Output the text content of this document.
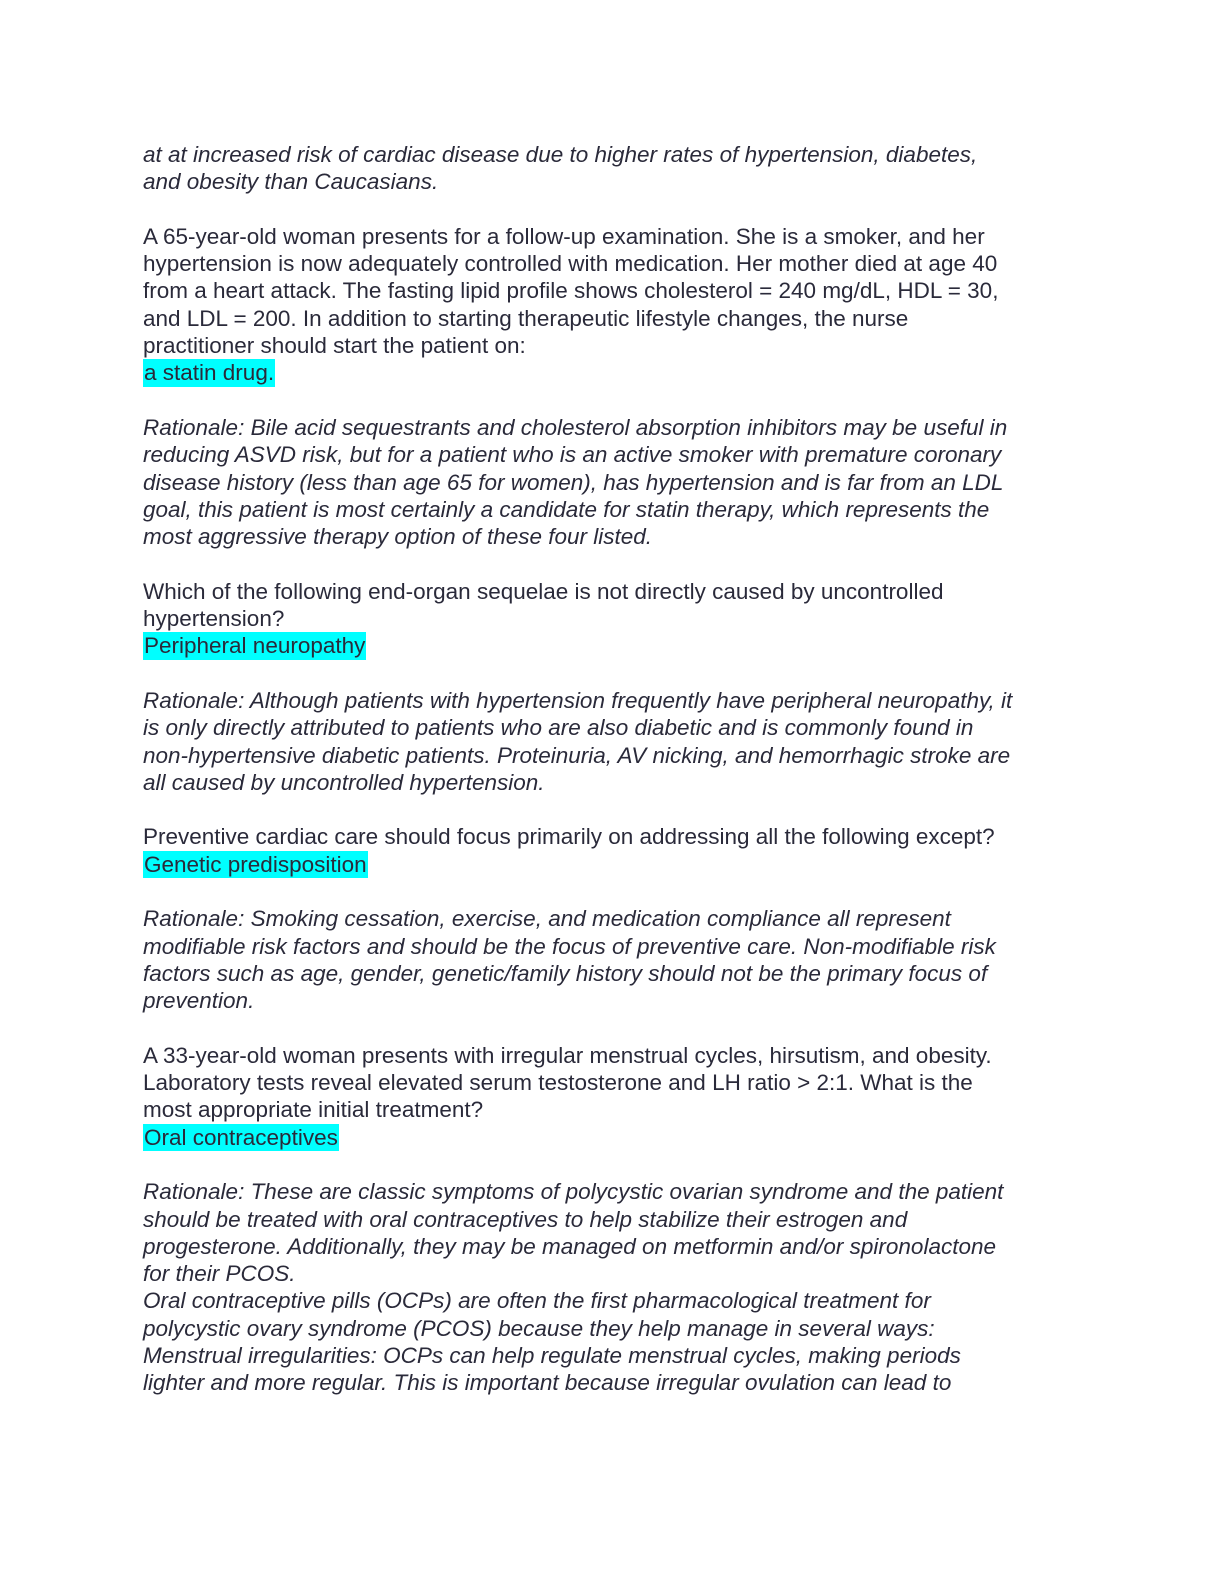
at at increased risk of cardiac disease due to higher rates of hypertension, diabetes,
and obesity than Caucasians.
A 65-year-old woman presents for a follow-up examination. She is a smoker, and her
hypertension is now adequately controlled with medication. Her mother died at age 40
from a heart attack. The fasting lipid profile shows cholesterol = 240 mg/dL, HDL = 30,
and LDL = 200. In addition to starting therapeutic lifestyle changes, the nurse
practitioner should start the patient on:
a statin drug.
Rationale: Bile acid sequestrants and cholesterol absorption inhibitors may be useful in
reducing ASVD risk, but for a patient who is an active smoker with premature coronary
disease history (less than age 65 for women), has hypertension and is far from an LDL
goal, this patient is most certainly a candidate for statin therapy, which represents the
most aggressive therapy option of these four listed.
Which of the following end-organ sequelae is not directly caused by uncontrolled
hypertension?
Peripheral neuropathy
Rationale: Although patients with hypertension frequently have peripheral neuropathy, it
is only directly attributed to patients who are also diabetic and is commonly found in
non-hypertensive diabetic patients. Proteinuria, AV nicking, and hemorrhagic stroke are
all caused by uncontrolled hypertension.
Preventive cardiac care should focus primarily on addressing all the following except?
Genetic predisposition
Rationale: Smoking cessation, exercise, and medication compliance all represent
modifiable risk factors and should be the focus of preventive care. Non-modifiable risk
factors such as age, gender, genetic/family history should not be the primary focus of
prevention.
A 33-year-old woman presents with irregular menstrual cycles, hirsutism, and obesity.
Laboratory tests reveal elevated serum testosterone and LH ratio > 2:1. What is the
most appropriate initial treatment?
Oral contraceptives
Rationale: These are classic symptoms of polycystic ovarian syndrome and the patient
should be treated with oral contraceptives to help stabilize their estrogen and
progesterone. Additionally, they may be managed on metformin and/or spironolactone
for their PCOS.
Oral contraceptive pills (OCPs) are often the first pharmacological treatment for
polycystic ovary syndrome (PCOS) because they help manage in several ways:
Menstrual irregularities: OCPs can help regulate menstrual cycles, making periods
lighter and more regular. This is important because irregular ovulation can lead to
